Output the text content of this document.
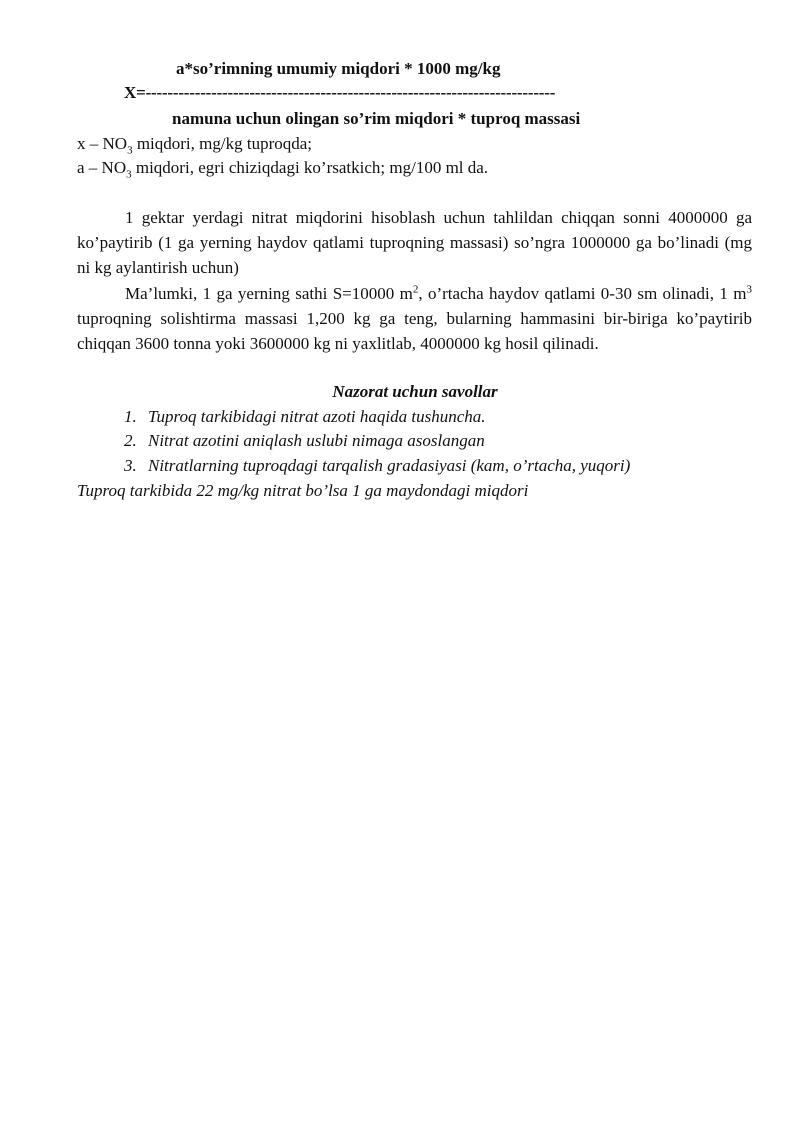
a*so’rimning umumiy miqdori * 1000 mg/kg
X=---------------------------------------------------------------------------
namuna uchun olingan so’rim miqdori * tuproq massasi
x – $NO_3$ miqdori, mg/kg tuproqda;
a – $NO_3$ miqdori, egri chiziqdagi ko’rsatkich; mg/100 ml da.

1 gektar yerdagi nitrat miqdorini hisoblash uchun tahlildan chiqqan sonni 4000000 ga ko’paytirib (1 ga yerning haydov qatlami tuproqning massasi) so’ngra 1000000 ga bo’linadi (mg ni kg aylantirish uchun)

Ma’lumki, 1 ga yerning sathi S=10000 $m^2$, o’rtacha haydov qatlami 0-30 sm olinadi, 1 $m^3$ tuproqning solishtirma massasi 1,200 kg ga teng, bularning hammasini bir-biriga ko’paytirib chiqqan 3600 tonna yoki 3600000 kg ni yaxlitlab, 4000000 kg hosil qilinadi.

Nazorat uchun savollar
1. Tuproq tarkibidagi nitrat azoti haqida tushuncha.
2. Nitrat azotini aniqlash uslubi nimaga asoslangan
3. Nitratlarning tuproqdagi tarqalish gradasiyasi (kam, o’rtacha, yuqori)
Tuproq tarkibida 22 mg/kg nitrat bo’lsa 1 ga maydondagi miqdori
